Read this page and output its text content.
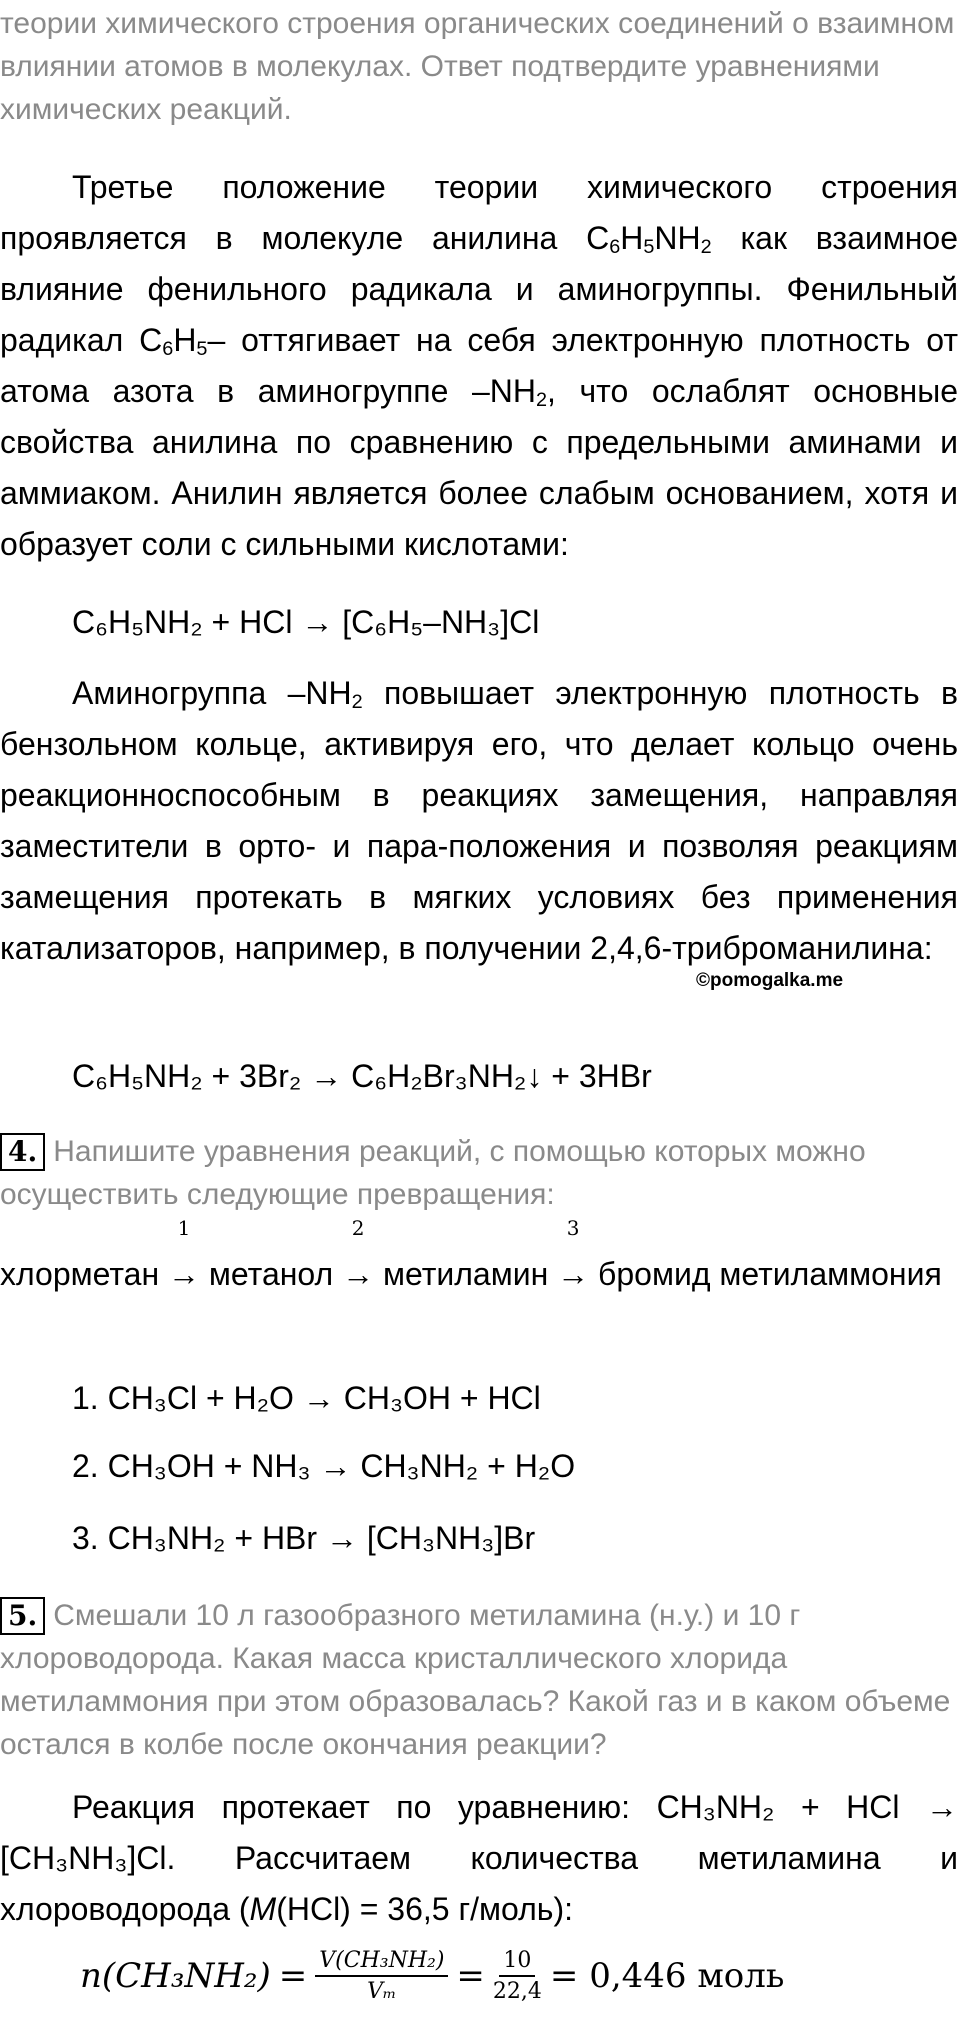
теории химического строения органических соединений о взаимном влиянии атомов в молекулах. Ответ подтвердите уравнениями химических реакций.

Третье положение теории химического строения проявляется в молекуле анилина $C_6H_5NH_2$ как взаимное влияние фенильного радикала и аминогруппы. Фенильный радикал $C_6H_5-$ оттягивает на себя электронную плотность от атома азота в аминогруппе $-NH_2$, что ослаблят основные свойства анилина по сравнению с предельными аминами и аммиаком. Анилин является более слабым основанием, хотя и образует соли с сильными кислотами:

C₆H₅NH₂ + HCl → [C₆H₅–NH₃]Cl

Аминогруппа $-NH_2$ повышает электронную плотность в бензольном кольце, активируя его, что делает кольцо очень реакционноспособным в реакциях замещения, направляя заместители в орто- и пара-положения и позволяя реакциям замещения протекать в мягких условиях без применения катализаторов, например, в получении 2,4,6-триброманилина:

©pomogalka.me

C₆H₅NH₂ + 3Br₂ → C₆H₂Br₃NH₂↓ + 3HBr

4. Напишите уравнения реакций, с помощью которых можно осуществить следующие превращения:

хлорметан
1
→ метанол
2
→ метиламин
3
→ бромид метиламмония

1. CH₃Cl + H₂O → CH₃OH + HCl

2. CH₃OH + NH₃ → CH₃NH₂ + H₂O

3. CH₃NH₂ + HBr → [CH₃NH₃]Br

5. Смешали 10 л газообразного метиламина (н.у.) и 10 г хлороводорода. Какая масса кристаллического хлорида метиламмония при этом образовалась? Какой газ и в каком объеме остался в колбе после окончания реакции?

Реакция протекает по уравнению: CH₃NH₂ + HCl → [CH₃NH₃]Cl. Рассчитаем количества метиламина и хлороводорода (M(HCl) = 36,5 г/моль):

$n(CH_3NH_2) = \frac{\text{V(CH₃NH₂)}}{\text{Vₘ}} = \frac{10}{22,4} = 0,446$ моль
